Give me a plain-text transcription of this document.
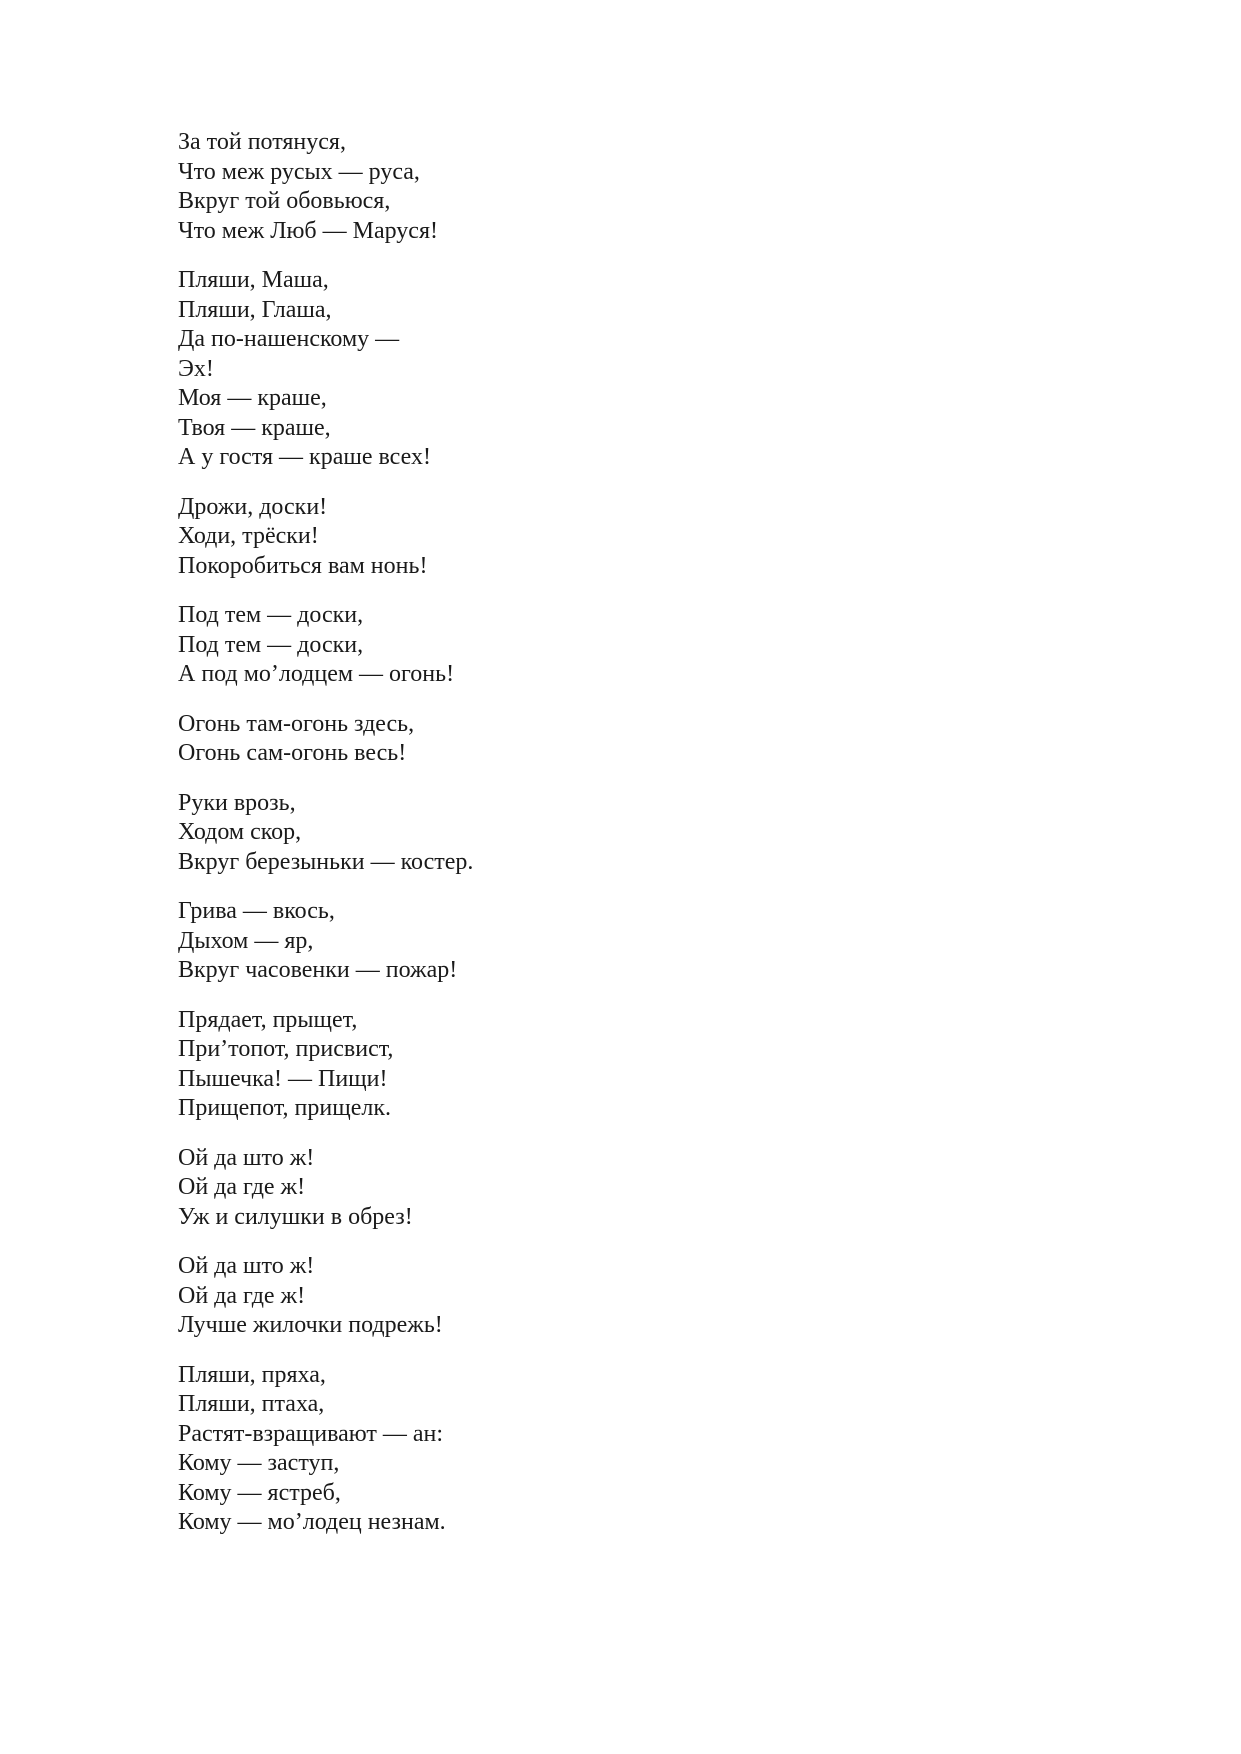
За той потянуся,
Что меж русых — руса,
Вкруг той обовьюся,
Что меж Люб — Маруся!
Пляши, Маша,
Пляши, Глаша,
Да по-нашенскому —
Эх!
Моя — краше,
Твоя — краше,
А у гостя — краше всех!
Дрожи, доски!
Ходи, трёски!
Покоробиться вам нонь!
Под тем — доски,
Под тем — доски,
А под мо’лодцем — огонь!
Огонь там-огонь здесь,
Огонь сам-огонь весь!
Руки врозь,
Ходом скор,
Вкруг березыньки — костер.
Грива — вкось,
Дыхом — яр,
Вкруг часовенки — пожар!
Прядает, прыщет,
При’топот, присвист,
Пышечка! — Пищи!
Прищепот, прищелк.
Ой да што ж!
Ой да где ж!
Уж и силушки в обрез!
Ой да што ж!
Ой да где ж!
Лучше жилочки подрежь!
Пляши, пряха,
Пляши, птаха,
Растят-взращивают — ан:
Кому — заступ,
Кому — ястреб,
Кому — мо’лодец незнам.
